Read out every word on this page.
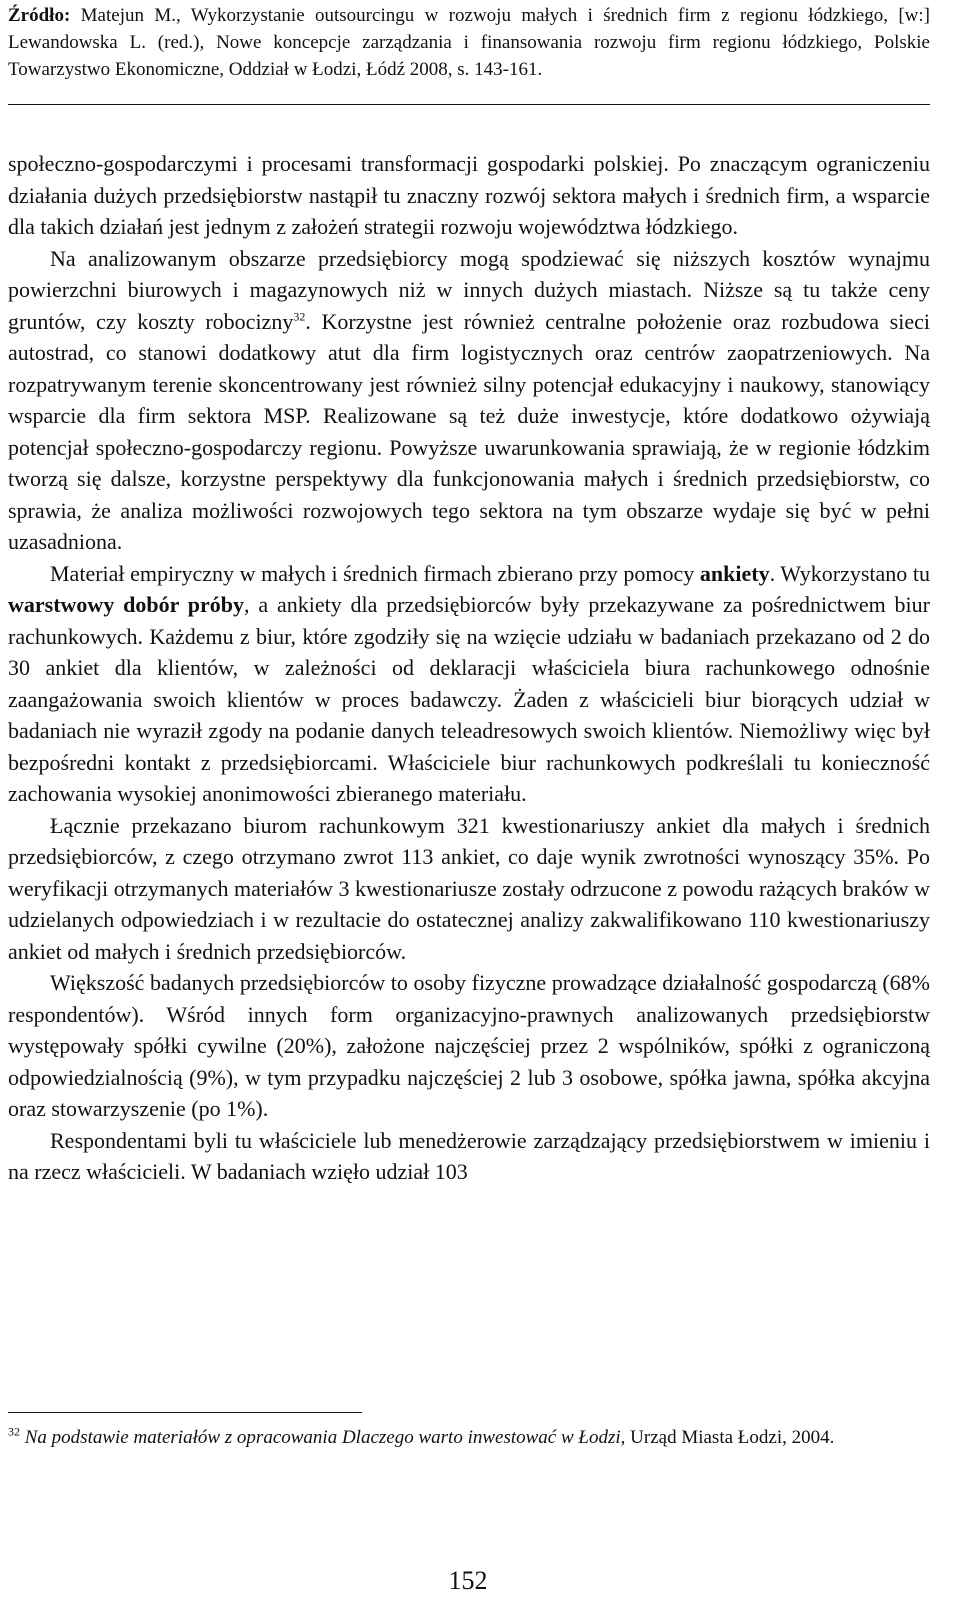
Źródło: Matejun M., Wykorzystanie outsourcingu w rozwoju małych i średnich firm z regionu łódzkiego, [w:] Lewandowska L. (red.), Nowe koncepcje zarządzania i finansowania rozwoju firm regionu łódzkiego, Polskie Towarzystwo Ekonomiczne, Oddział w Łodzi, Łódź 2008, s. 143-161.

społeczno-gospodarczymi i procesami transformacji gospodarki polskiej. Po znaczącym ograniczeniu działania dużych przedsiębiorstw nastąpił tu znaczny rozwój sektora małych i średnich firm, a wsparcie dla takich działań jest jednym z założeń strategii rozwoju województwa łódzkiego.

Na analizowanym obszarze przedsiębiorcy mogą spodziewać się niższych kosztów wynajmu powierzchni biurowych i magazynowych niż w innych dużych miastach. Niższe są tu także ceny gruntów, czy koszty robocizny$^{32}$. Korzystne jest również centralne położenie oraz rozbudowa sieci autostrad, co stanowi dodatkowy atut dla firm logistycznych oraz centrów zaopatrzeniowych. Na rozpatrywanym terenie skoncentrowany jest również silny potencjał edukacyjny i naukowy, stanowiący wsparcie dla firm sektora MSP. Realizowane są też duże inwestycje, które dodatkowo ożywiają potencjał społeczno-gospodarczy regionu. Powyższe uwarunkowania sprawiają, że w regionie łódzkim tworzą się dalsze, korzystne perspektywy dla funkcjonowania małych i średnich przedsiębiorstw, co sprawia, że analiza możliwości rozwojowych tego sektora na tym obszarze wydaje się być w pełni uzasadniona.

Materiał empiryczny w małych i średnich firmach zbierano przy pomocy ankiety. Wykorzystano tu warstwowy dobór próby, a ankiety dla przedsiębiorców były przekazywane za pośrednictwem biur rachunkowych. Każdemu z biur, które zgodziły się na wzięcie udziału w badaniach przekazano od 2 do 30 ankiet dla klientów, w zależności od deklaracji właściciela biura rachunkowego odnośnie zaangażowania swoich klientów w proces badawczy. Żaden z właścicieli biur biorących udział w badaniach nie wyraził zgody na podanie danych teleadresowych swoich klientów. Niemożliwy więc był bezpośredni kontakt z przedsiębiorcami. Właściciele biur rachunkowych podkreślali tu konieczność zachowania wysokiej anonimowości zbieranego materiału.

Łącznie przekazano biurom rachunkowym 321 kwestionariuszy ankiet dla małych i średnich przedsiębiorców, z czego otrzymano zwrot 113 ankiet, co daje wynik zwrotności wynoszący 35%. Po weryfikacji otrzymanych materiałów 3 kwestionariusze zostały odrzucone z powodu rażących braków w udzielanych odpowiedziach i w rezultacie do ostatecznej analizy zakwalifikowano 110 kwestionariuszy ankiet od małych i średnich przedsiębiorców.

Większość badanych przedsiębiorców to osoby fizyczne prowadzące działalność gospodarczą (68% respondentów). Wśród innych form organizacyjno-prawnych analizowanych przedsiębiorstw występowały spółki cywilne (20%), założone najczęściej przez 2 wspólników, spółki z ograniczoną odpowiedzialnością (9%), w tym przypadku najczęściej 2 lub 3 osobowe, spółka jawna, spółka akcyjna oraz stowarzyszenie (po 1%).

Respondentami byli tu właściciele lub menedżerowie zarządzający przedsiębiorstwem w imieniu i na rzecz właścicieli. W badaniach wzięło udział 103

$^{32}$ Na podstawie materiałów z opracowania Dlaczego warto inwestować w Łodzi, Urząd Miasta Łodzi, 2004.

152
